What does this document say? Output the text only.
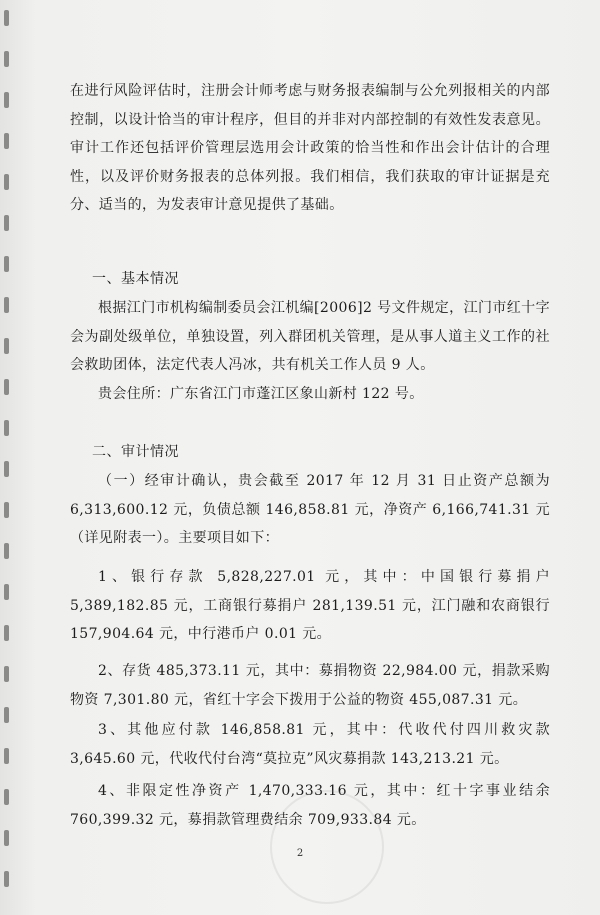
在进行风险评估时，注册会计师考虑与财务报表编制与公允列报相关的内部控制，以设计恰当的审计程序，但目的并非对内部控制的有效性发表意见。审计工作还包括评价管理层选用会计政策的恰当性和作出会计估计的合理性，以及评价财务报表的总体列报。我们相信，我们获取的审计证据是充分、适当的，为发表审计意见提供了基础。

一、基本情况

根据江门市机构编制委员会江机编[2006]2 号文件规定，江门市红十字会为副处级单位，单独设置，列入群团机关管理，是从事人道主义工作的社会救助团体，法定代表人冯冰，共有机关工作人员 9 人。

贵会住所：广东省江门市蓬江区象山新村 122 号。

二、审计情况

（一）经审计确认，贵会截至 2017 年 12 月 31 日止资产总额为 6,313,600.12 元，负债总额 146,858.81 元，净资产 6,166,741.31 元（详见附表一）。主要项目如下：

1、银行存款 5,828,227.01 元，其中：中国银行募捐户 5,389,182.85 元，工商银行募捐户 281,139.51 元，江门融和农商银行 157,904.64 元，中行港币户 0.01 元。

2、存货 485,373.11 元，其中：募捐物资 22,984.00 元，捐款采购物资 7,301.80 元，省红十字会下拨用于公益的物资 455,087.31 元。

3、其他应付款 146,858.81 元，其中：代收代付四川救灾款 3,645.60 元，代收代付台湾“莫拉克”风灾募捐款 143,213.21 元。

4、非限定性净资产 1,470,333.16 元，其中：红十字事业结余 760,399.32 元，募捐款管理费结余 709,933.84 元。

2
